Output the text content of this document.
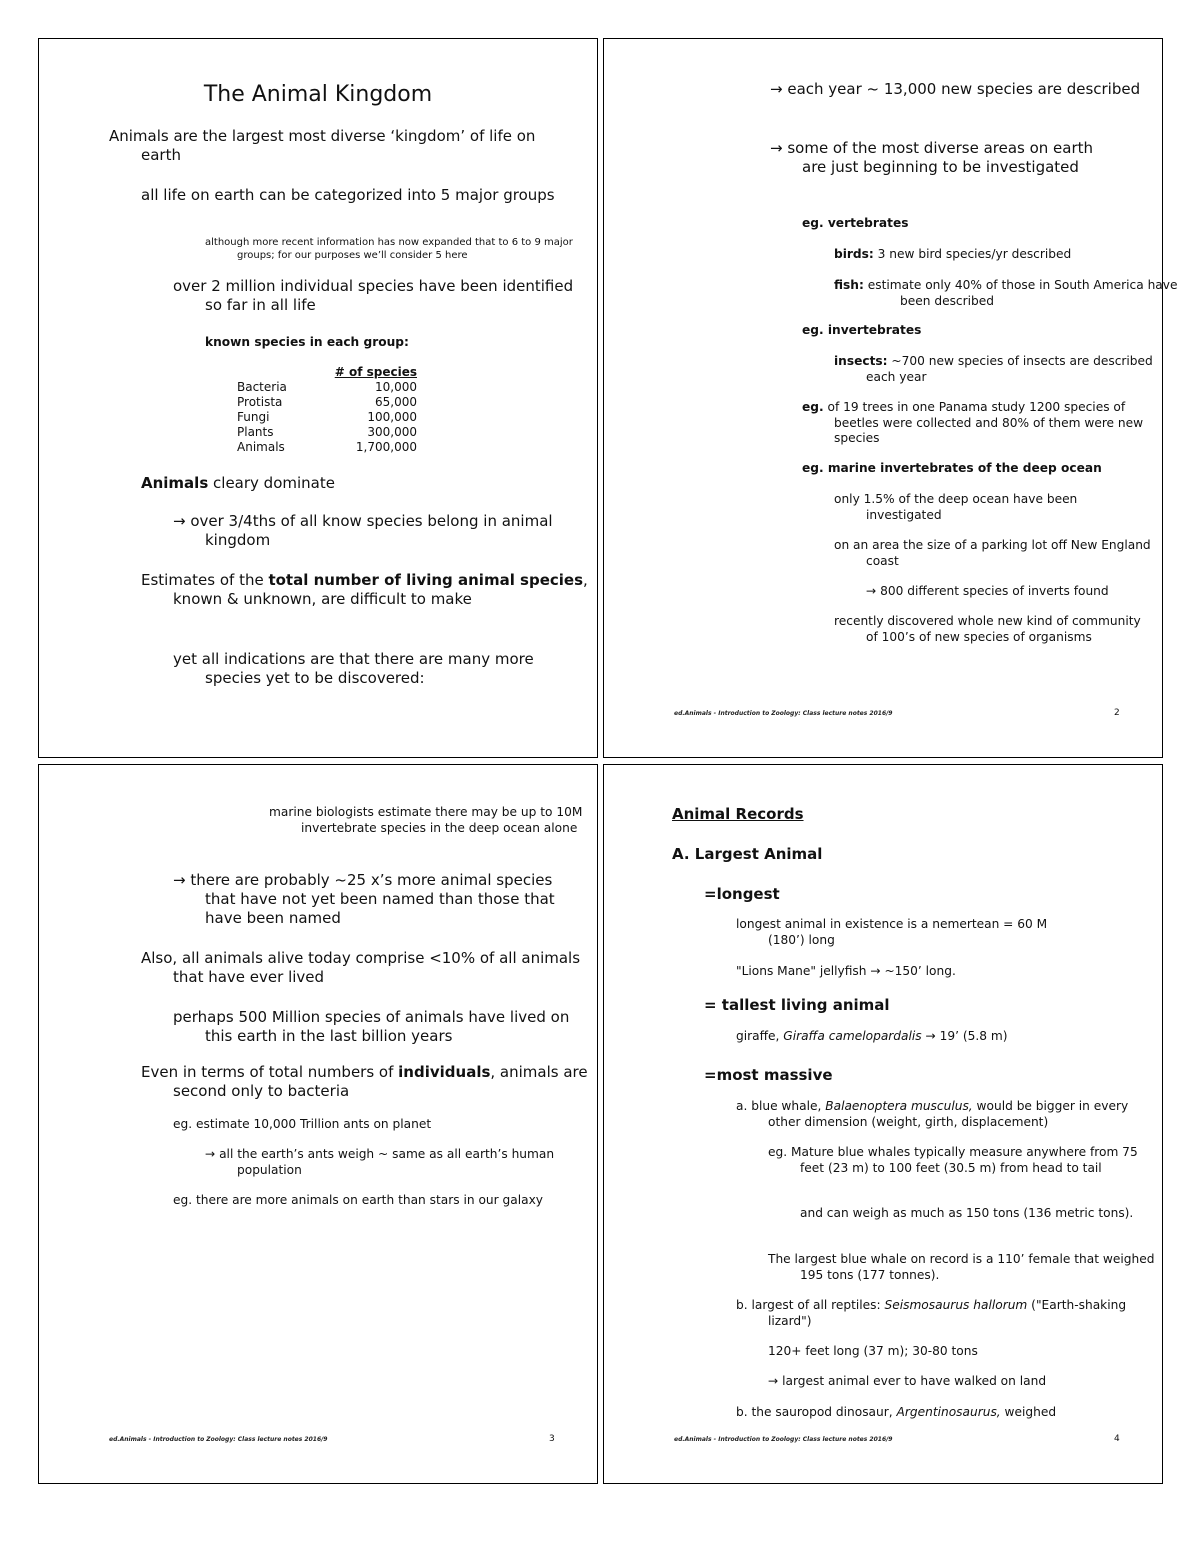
The Animal Kingdom
Animals are the largest most diverse ‘kingdom’ of life on earth
all life on earth can be categorized into 5 major groups
although more recent information has now expanded that to 6 to 9 major groups; for our purposes we’ll consider 5 here
over 2 million individual species have been identified so far in all life
known species in each group:
	# of species
Bacteria	10,000
Protista	65,000
Fungi	100,000
Plants	300,000
Animals	1,700,000
Animals cleary dominate
→ over 3/4ths of all know species belong in animal kingdom
Estimates of the total number of living animal species, known & unknown, are difficult to make
yet all indications are that there are many more species yet to be discovered:
→ each year ~ 13,000 new species are described
→ some of the most diverse areas on earth are just beginning to be investigated
eg. vertebrates
birds: 3 new bird species/yr described
fish: estimate only 40% of those in South America have been described
eg. invertebrates
insects: ~700 new species of insects are described each year
eg. of 19 trees in one Panama study 1200 species of beetles were collected and 80% of them were new species
eg. marine invertebrates of the deep ocean
only 1.5% of the deep ocean have been investigated
on an area the size of a parking lot off New England coast
→ 800 different species of inverts found
recently discovered whole new kind of community of 100’s of new species of organisms
ed.Animals - Introduction to Zoology: Class lecture notes 2016/9	2
marine biologists estimate there may be up to 10M invertebrate species in the deep ocean alone
→ there are probably ~25 x’s more animal species that have not yet been named than those that have been named
Also, all animals alive today comprise <10% of all animals that have ever lived
perhaps 500 Million species of animals have lived on this earth in the last billion years
Even in terms of total numbers of individuals, animals are second only to bacteria
eg. estimate 10,000 Trillion ants on planet
→ all the earth’s ants weigh ~ same as all earth’s human population
eg. there are more animals on earth than stars in our galaxy
ed.Animals - Introduction to Zoology: Class lecture notes 2016/9	3
Animal Records
A. Largest Animal
=longest
longest animal in existence is a nemertean = 60 M (180’) long
"Lions Mane" jellyfish → ~150’ long.
= tallest living animal
giraffe, Giraffa camelopardalis → 19’ (5.8 m)
=most massive
a. blue whale, Balaenoptera musculus, would be bigger in every other dimension (weight, girth, displacement)
eg. Mature blue whales typically measure anywhere from 75 feet (23 m) to 100 feet (30.5 m) from head to tail
and can weigh as much as 150 tons (136 metric tons).
The largest blue whale on record is a 110’ female that weighed 195 tons (177 tonnes).
b. largest of all reptiles: Seismosaurus hallorum ("Earth-shaking lizard")
120+ feet long (37 m); 30-80 tons
→ largest animal ever to have walked on land
b. the sauropod dinosaur, Argentinosaurus, weighed
ed.Animals - Introduction to Zoology: Class lecture notes 2016/9	4
